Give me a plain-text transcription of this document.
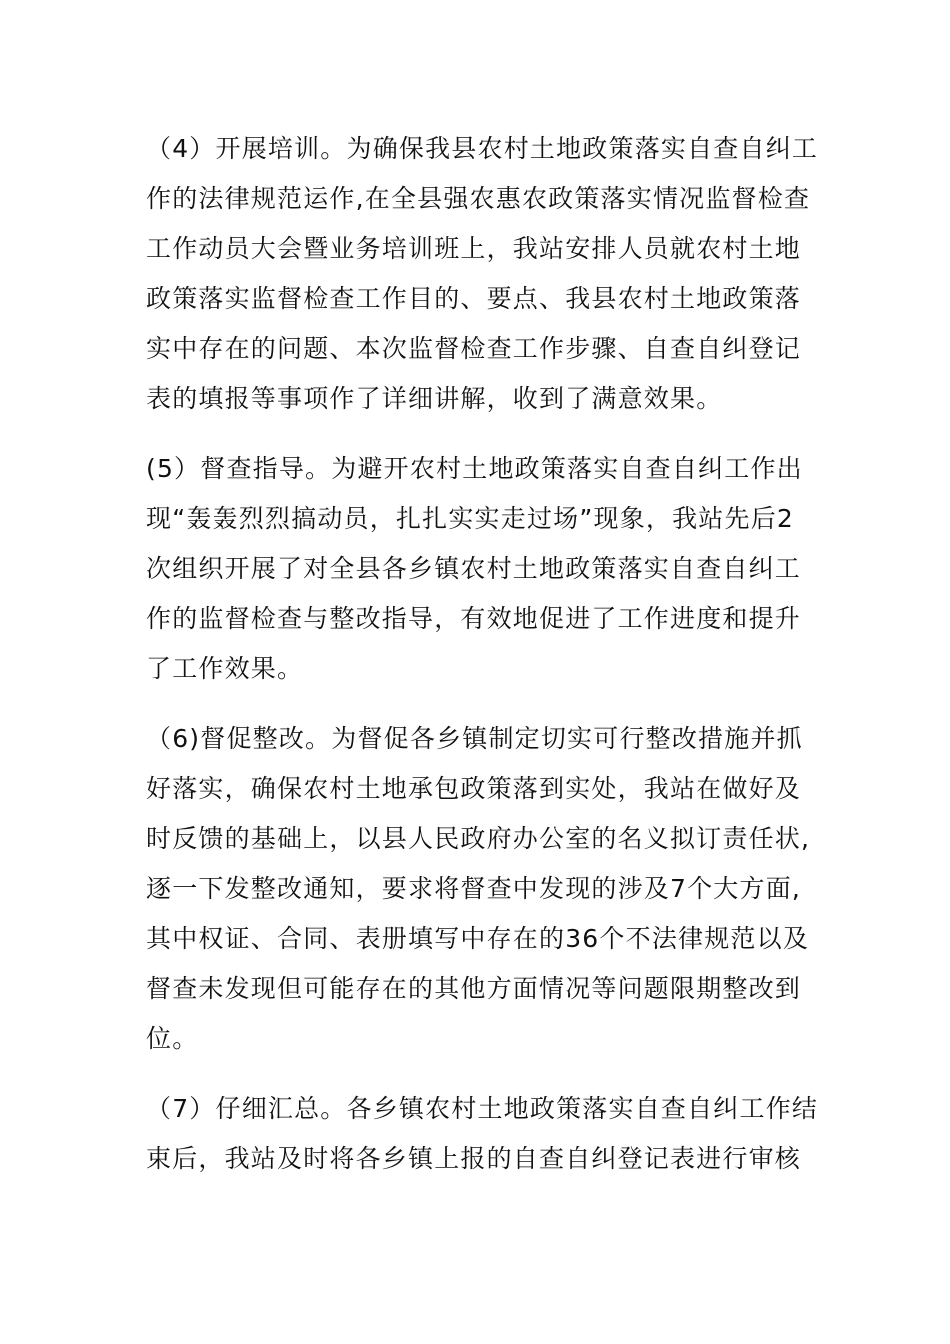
（4）开展培训。为确保我县农村土地政策落实自查自纠工
作的法律规范运作,在全县强农惠农政策落实情况监督检查
工作动员大会暨业务培训班上，我站安排人员就农村土地
政策落实监督检查工作目的、要点、我县农村土地政策落
实中存在的问题、本次监督检查工作步骤、自查自纠登记
表的填报等事项作了详细讲解，收到了满意效果。
(5）督查指导。为避开农村土地政策落实自查自纠工作出
现“轰轰烈烈搞动员，扎扎实实走过场”现象，我站先后2
次组织开展了对全县各乡镇农村土地政策落实自查自纠工
作的监督检查与整改指导，有效地促进了工作进度和提升
了工作效果。
（6)督促整改。为督促各乡镇制定切实可行整改措施并抓
好落实，确保农村土地承包政策落到实处，我站在做好及
时反馈的基础上，以县人民政府办公室的名义拟订责任状,
逐一下发整改通知，要求将督查中发现的涉及7个大方面,
其中权证、合同、表册填写中存在的36个不法律规范以及
督查未发现但可能存在的其他方面情况等问题限期整改到
位。
（7）仔细汇总。各乡镇农村土地政策落实自查自纠工作结
束后，我站及时将各乡镇上报的自查自纠登记表进行审核
